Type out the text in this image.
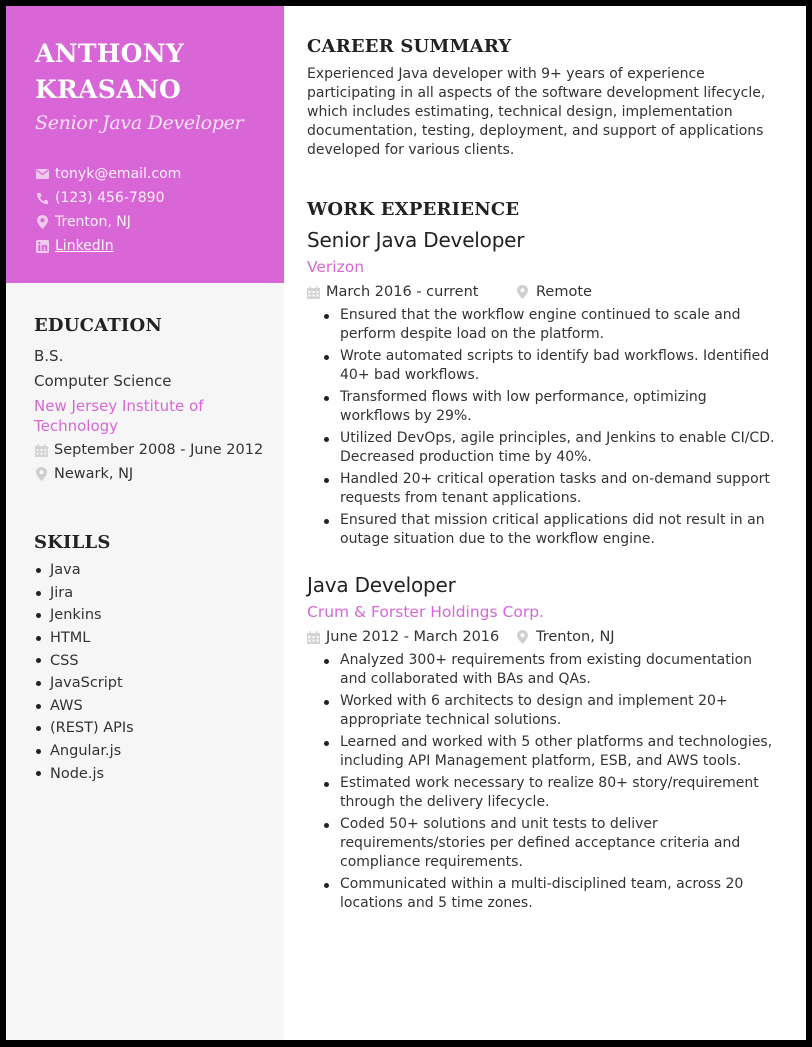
ANTHONY
KRASANO
Senior Java Developer
tonyk@email.com
(123) 456-7890
Trenton, NJ
LinkedIn
EDUCATION
B.S.
Computer Science
New Jersey Institute of Technology
September 2008 - June 2012
Newark, NJ
SKILLS
Java
Jira
Jenkins
HTML
CSS
JavaScript
AWS
(REST) APIs
Angular.js
Node.js
CAREER SUMMARY

Experienced Java developer with 9+ years of experience participating in all aspects of the software development lifecycle, which includes estimating, technical design, implementation documentation, testing, deployment, and support of applications developed for various clients.

WORK EXPERIENCE
Senior Java Developer
Verizon
March 2016 - current	Remote
Ensured that the workflow engine continued to scale and perform despite load on the platform.
Wrote automated scripts to identify bad workflows. Identified 40+ bad workflows.
Transformed flows with low performance, optimizing workflows by 29%.
Utilized DevOps, agile principles, and Jenkins to enable CI/CD. Decreased production time by 40%.
Handled 20+ critical operation tasks and on-demand support requests from tenant applications.
Ensured that mission critical applications did not result in an outage situation due to the workflow engine.
Java Developer
Crum & Forster Holdings Corp.
June 2012 - March 2016	Trenton, NJ
Analyzed 300+ requirements from existing documentation and collaborated with BAs and QAs.
Worked with 6 architects to design and implement 20+ appropriate technical solutions.
Learned and worked with 5 other platforms and technologies, including API Management platform, ESB, and AWS tools.
Estimated work necessary to realize 80+ story/requirement through the delivery lifecycle.
Coded 50+ solutions and unit tests to deliver requirements/stories per defined acceptance criteria and compliance requirements.
Communicated within a multi-disciplined team, across 20 locations and 5 time zones.
